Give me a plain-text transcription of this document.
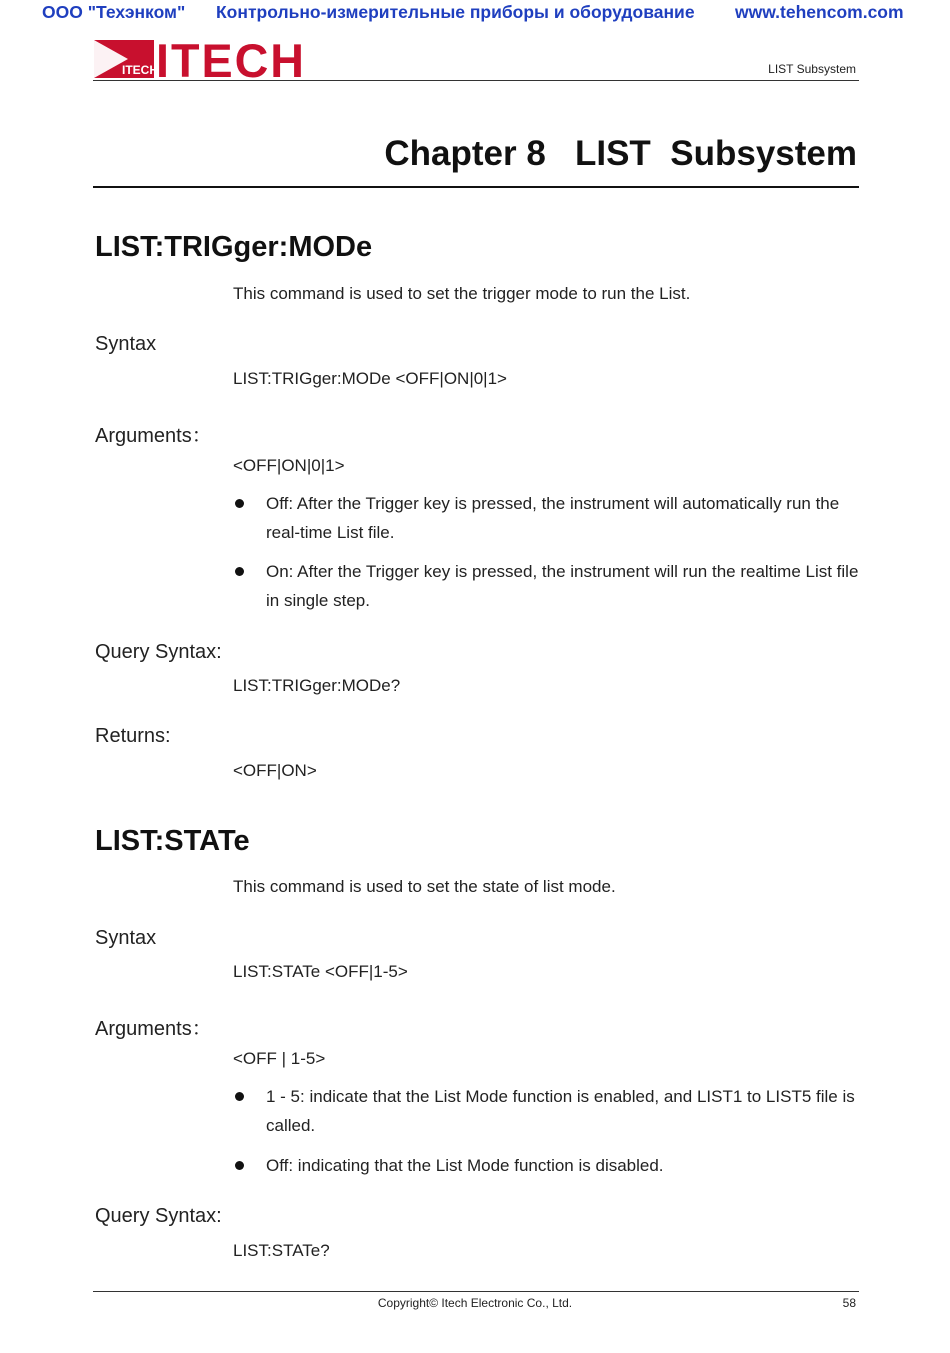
ООО "Техэнком" Контрольно-измерительные приборы и оборудование www.tehencom.com
ITECH
ITECH	LIST Subsystem
Chapter 8   LIST  Subsystem
LIST:TRIGger:MODe
This command is used to set the trigger mode to run the List.
Syntax
LIST:TRIGger:MODe <OFF|ON|0|1>
Arguments：
<OFF|ON|0|1>
Off: After the Trigger key is pressed, the instrument will automatically run the real-time List file.
On: After the Trigger key is pressed, the instrument will run the realtime List file in single step.
Query Syntax:
LIST:TRIGger:MODe?
Returns:
<OFF|ON>
LIST:STATe
This command is used to set the state of list mode.
Syntax
LIST:STATe <OFF|1-5>
Arguments：
<OFF | 1-5>
1 - 5: indicate that the List Mode function is enabled, and LIST1 to LIST5 file is called.
Off: indicating that the List Mode function is disabled.
Query Syntax:
LIST:STATe?
Copyright© Itech Electronic Co., Ltd.	58
